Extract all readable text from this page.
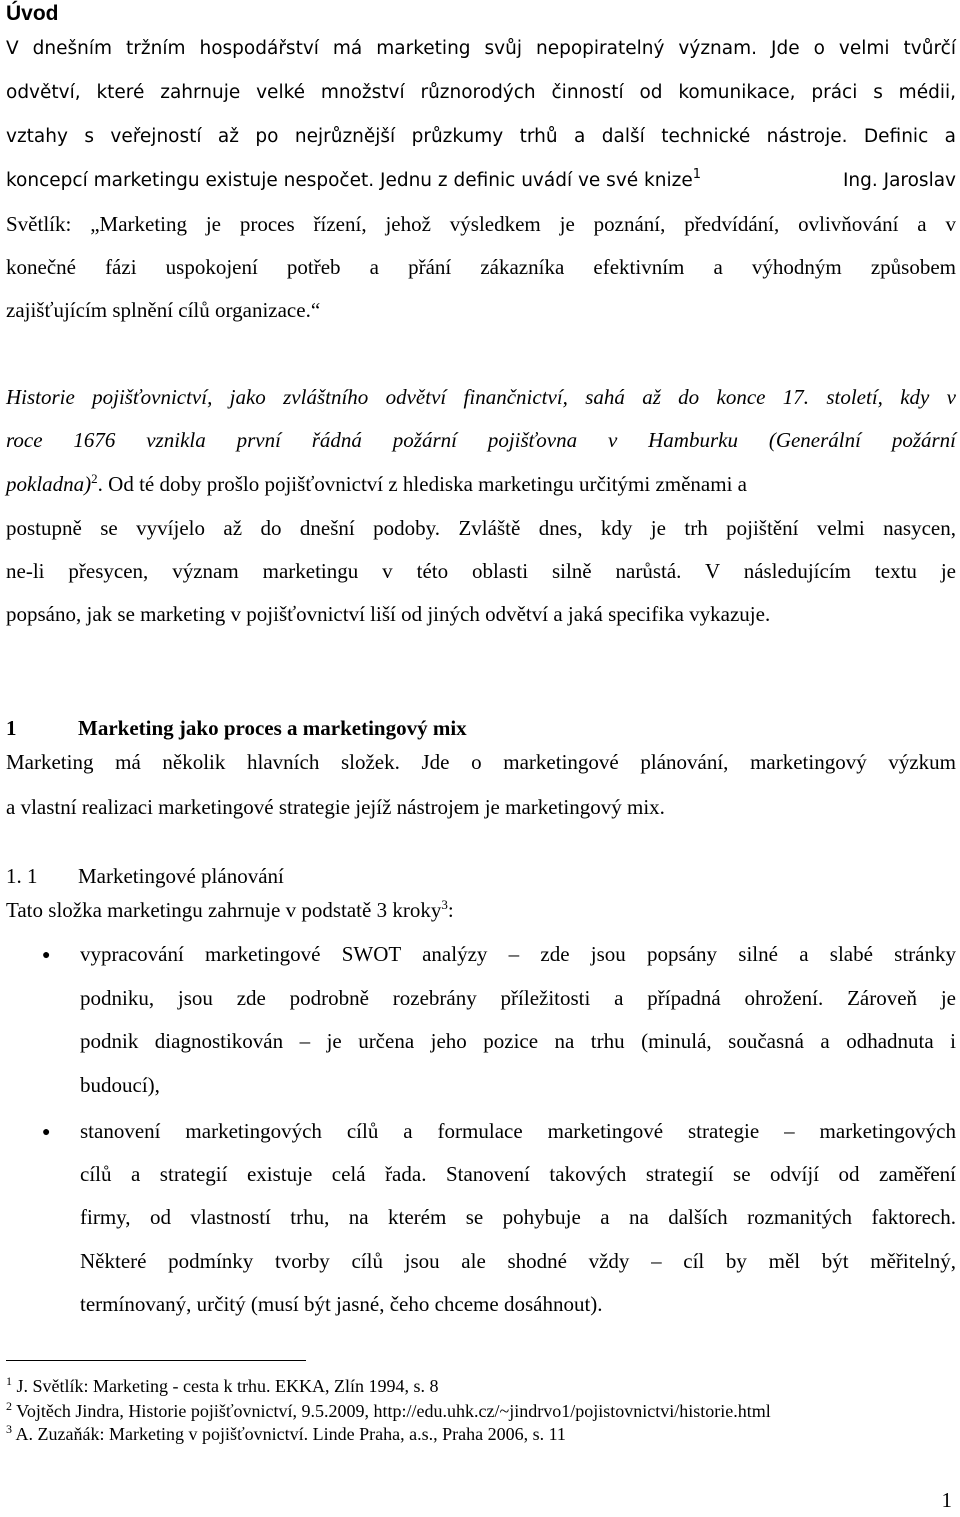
Úvod
V dnešním tržním hospodářství má marketing svůj nepopiratelný význam. Jde o velmi tvůrčí
odvětví, které zahrnuje velké množství různorodých činností od komunikace, práci s médii,
vztahy s veřejností až po nejrůznější průzkumy trhů a další technické nástroje. Definic a
koncepcí marketingu existuje nespočet. Jednu z definic uvádí ve své knize$^1$	Ing. Jaroslav
Světlík: „Marketing je proces řízení, jehož výsledkem je poznání, předvídání, ovlivňování a v
konečné fázi uspokojení potřeb a přání zákazníka efektivním a výhodným způsobem
zajišťujícím splnění cílů organizace.“
Historie pojišťovnictví, jako zvláštního odvětví finančnictví, sahá až do konce 17. století, kdy v
roce 1676 vznikla první řádná požární pojišťovna v Hamburku (Generální požární
pokladna)$^2$. Od té doby prošlo pojišťovnictví z hlediska marketingu určitými změnami a
postupně se vyvíjelo až do dnešní podoby. Zvláště dnes, kdy je trh pojištění velmi nasycen,
ne-li přesycen, význam marketingu v této oblasti silně narůstá. V následujícím textu je
popsáno, jak se marketing v pojišťovnictví liší od jiných odvětví a jaká specifika vykazuje.
1	Marketing jako proces a marketingový mix
Marketing má několik hlavních složek. Jde o marketingové plánování, marketingový výzkum
a vlastní realizaci marketingové strategie jejíž nástrojem je marketingový mix.
1. 1 Marketingové plánování
Tato složka marketingu zahrnuje v podstatě 3 kroky$^3$:
● vypracování marketingové SWOT analýzy – zde jsou popsány silné a slabé stránky
podniku, jsou zde podrobně rozebrány příležitosti a případná ohrožení. Zároveň je
podnik diagnostikován – je určena jeho pozice na trhu (minulá, současná a odhadnuta i
budoucí),
● stanovení marketingových cílů a formulace marketingové strategie – marketingových
cílů a strategií existuje celá řada. Stanovení takových strategií se odvíjí od zaměření
firmy, od vlastností trhu, na kterém se pohybuje a na dalších rozmanitých faktorech.
Některé podmínky tvorby cílů jsou ale shodné vždy – cíl by měl být měřitelný,
termínovaný, určitý (musí být jasné, čeho chceme dosáhnout).
$^1$ J. Světlík: Marketing - cesta k trhu. EKKA, Zlín 1994, s. 8
$^2$ Vojtěch Jindra, Historie pojišťovnictví, 9.5.2009, http://edu.uhk.cz/~jindrvo1/pojistovnictvi/historie.html
$^3$ A. Zuzaňák: Marketing v pojišťovnictví. Linde Praha, a.s., Praha 2006, s. 11
1
